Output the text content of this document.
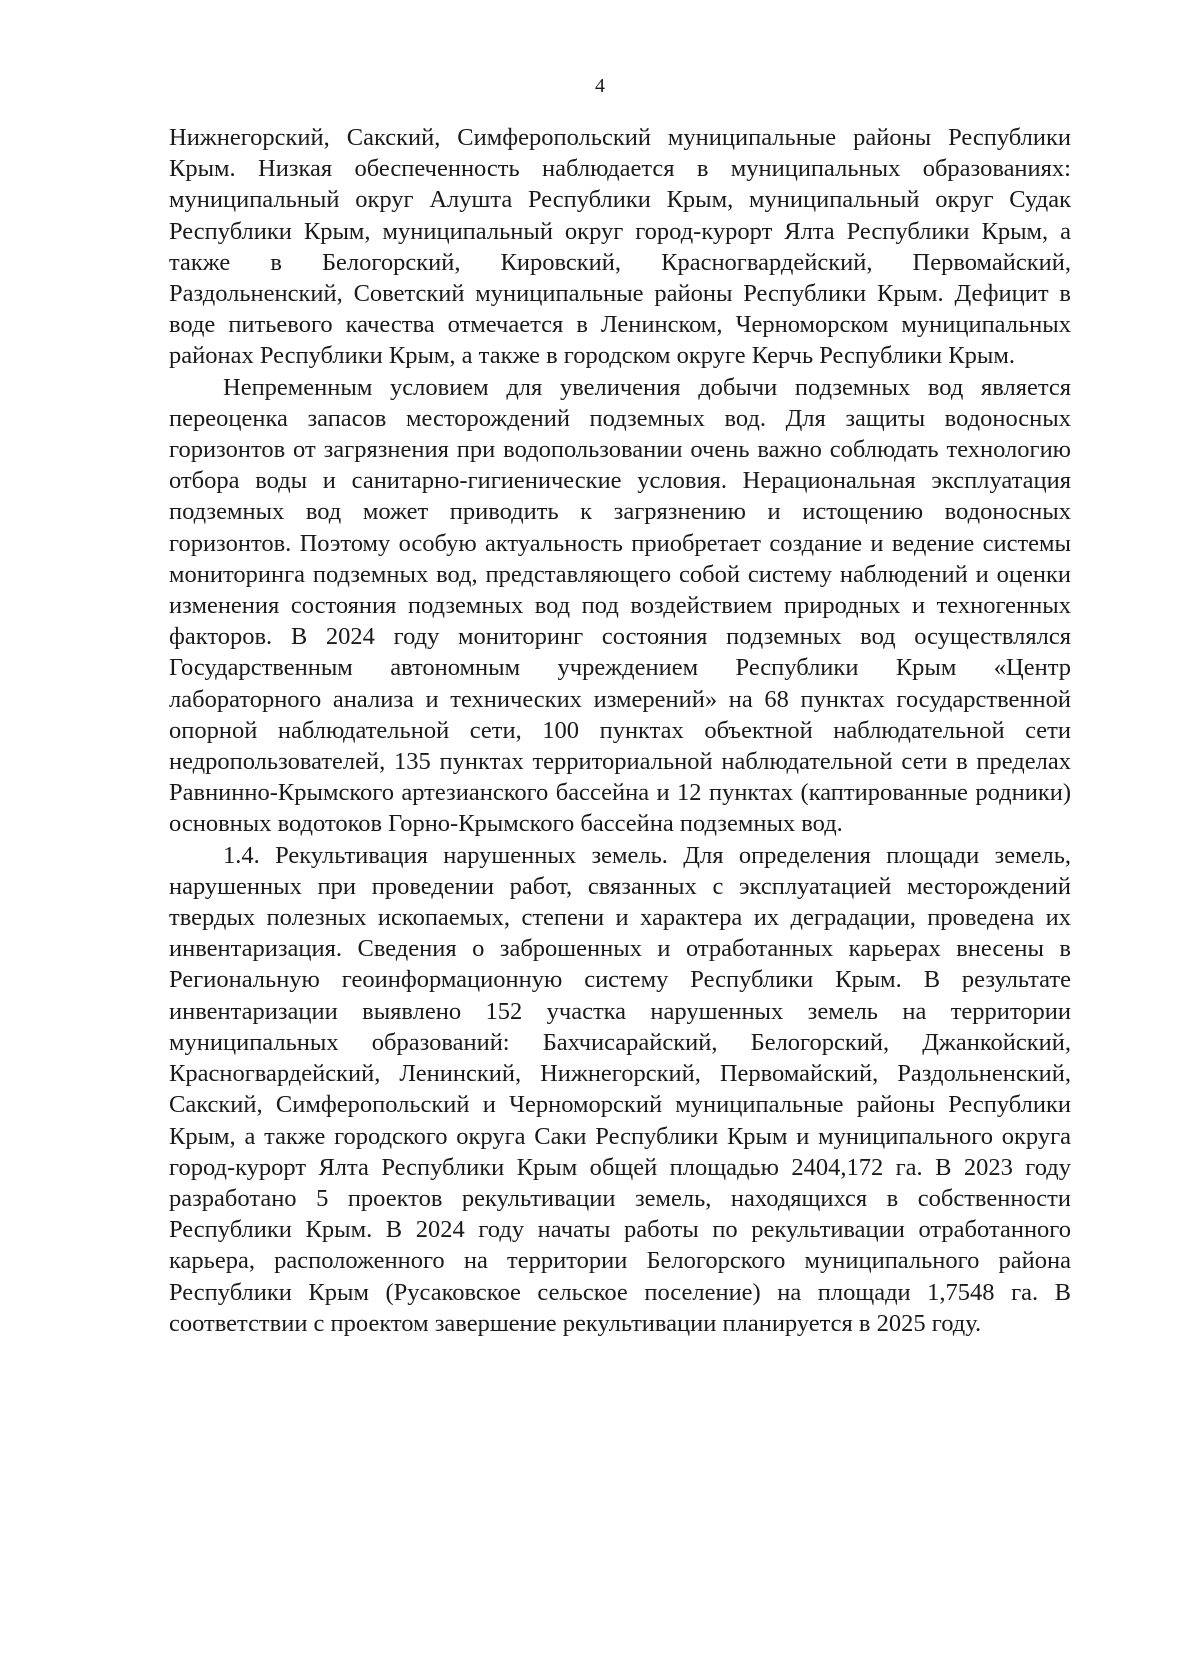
4

Нижнегорский, Сакский, Симферопольский муниципальные районы Республики Крым. Низкая обеспеченность наблюдается в муниципальных образованиях: муниципальный округ Алушта Республики Крым, муниципальный округ Судак Республики Крым, муниципальный округ город-курорт Ялта Республики Крым, а также в Белогорский, Кировский, Красногвардейский, Первомайский, Раздольненский, Советский муниципальные районы Республики Крым. Дефицит в воде питьевого качества отмечается в Ленинском, Черноморском муниципальных районах Республики Крым, а также в городском округе Керчь Республики Крым.

Непременным условием для увеличения добычи подземных вод является переоценка запасов месторождений подземных вод. Для защиты водоносных горизонтов от загрязнения при водопользовании очень важно соблюдать технологию отбора воды и санитарно-гигиенические условия. Нерациональная эксплуатация подземных вод может приводить к загрязнению и истощению водоносных горизонтов. Поэтому особую актуальность приобретает создание и ведение системы мониторинга подземных вод, представляющего собой систему наблюдений и оценки изменения состояния подземных вод под воздействием природных и техногенных факторов. В 2024 году мониторинг состояния подземных вод осуществлялся Государственным автономным учреждением Республики Крым «Центр лабораторного анализа и технических измерений» на 68 пунктах государственной опорной наблюдательной сети, 100 пунктах объектной наблюдательной сети недропользователей, 135 пунктах территориальной наблюдательной сети в пределах Равнинно-Крымского артезианского бассейна и 12 пунктах (каптированные родники) основных водотоков Горно-Крымского бассейна подземных вод.

1.4. Рекультивация нарушенных земель. Для определения площади земель, нарушенных при проведении работ, связанных с эксплуатацией месторождений твердых полезных ископаемых, степени и характера их деградации, проведена их инвентаризация. Сведения о заброшенных и отработанных карьерах внесены в Региональную геоинформационную систему Республики Крым. В результате инвентаризации выявлено 152 участка нарушенных земель на территории муниципальных образований: Бахчисарайский, Белогорский, Джанкойский, Красногвардейский, Ленинский, Нижнегорский, Первомайский, Раздольненский, Сакский, Симферопольский и Черноморский муниципальные районы Республики Крым, а также городского округа Саки Республики Крым и муниципального округа город-курорт Ялта Республики Крым общей площадью 2404,172 га. В 2023 году разработано 5 проектов рекультивации земель, находящихся в собственности Республики Крым. В 2024 году начаты работы по рекультивации отработанного карьера, расположенного на территории Белогорского муниципального района Республики Крым (Русаковское сельское поселение) на площади 1,7548 га. В соответствии с проектом завершение рекультивации планируется в 2025 году.
